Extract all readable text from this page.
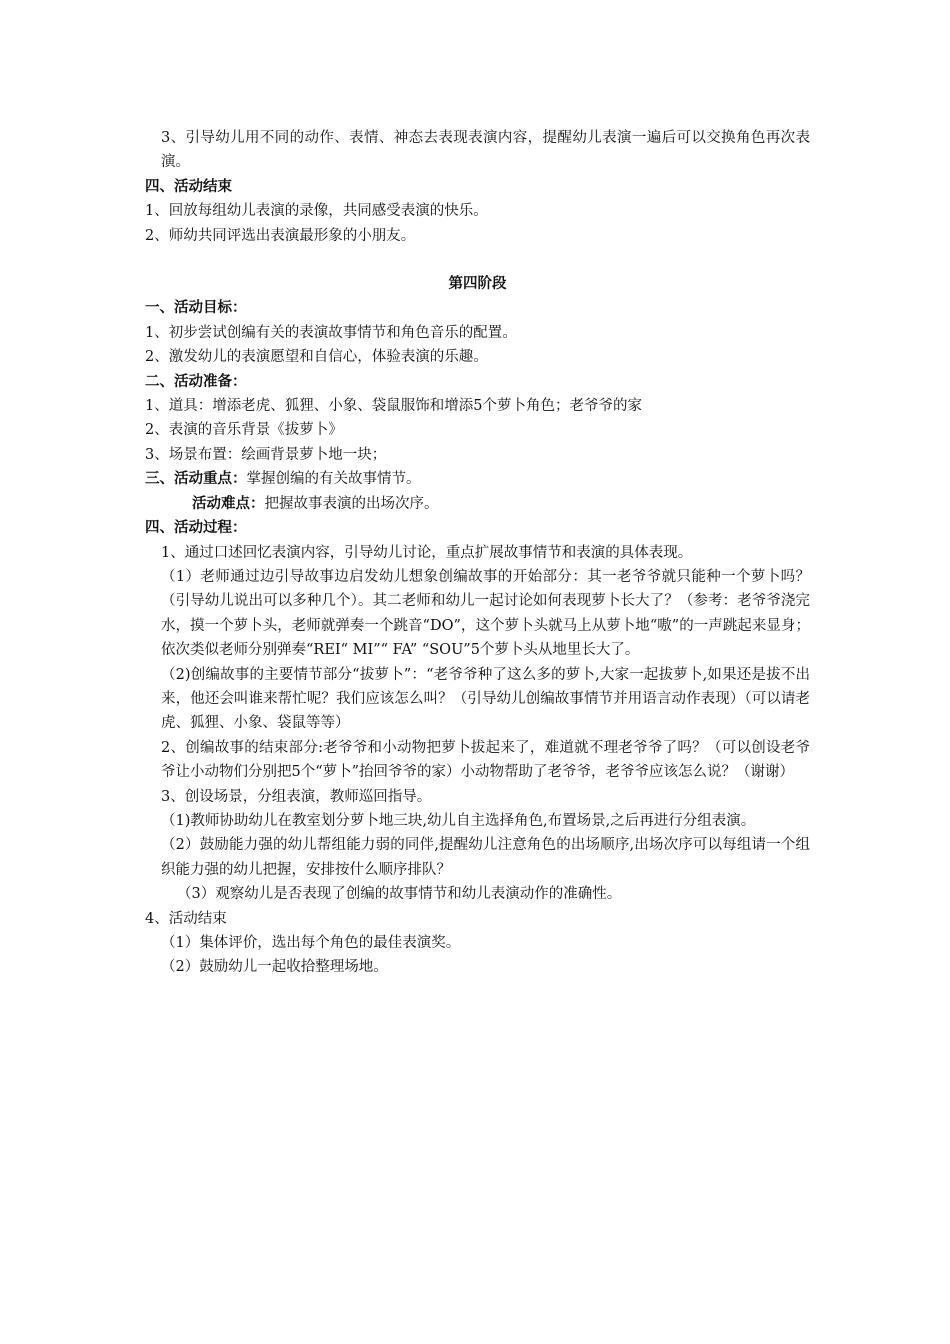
3、引导幼儿用不同的动作、表情、神态去表现表演内容，提醒幼儿表演一遍后可以交换角色再次表演。

四、活动结束

1、回放每组幼儿表演的录像，共同感受表演的快乐。

2、师幼共同评选出表演最形象的小朋友。

第四阶段

一、活动目标：

1、初步尝试创编有关的表演故事情节和角色音乐的配置。

2、激发幼儿的表演愿望和自信心，体验表演的乐趣。

二、活动准备：

1、道具：增添老虎、狐狸、小象、袋鼠服饰和增添5个萝卜角色；老爷爷的家

2、表演的音乐背景《拔萝卜》

3、场景布置：绘画背景萝卜地一块；

三、活动重点：掌握创编的有关故事情节。

活动难点：把握故事表演的出场次序。

四、活动过程：

1、通过口述回忆表演内容，引导幼儿讨论，重点扩展故事情节和表演的具体表现。

（1）老师通过边引导故事边启发幼儿想象创编故事的开始部分：其一老爷爷就只能种一个萝卜吗？（引导幼儿说出可以多种几个）。其二老师和幼儿一起讨论如何表现萝卜长大了？（参考：老爷爷浇完水，摸一个萝卜头，老师就弹奏一个跳音“DO”，这个萝卜头就马上从萝卜地“嗷”的一声跳起来显身；依次类似老师分别弹奏“REI“ MI”“ FA” “SOU”5个萝卜头从地里长大了。

（2)创编故事的主要情节部分“拔萝卜”：“老爷爷种了这么多的萝卜,大家一起拔萝卜,如果还是拔不出来，他还会叫谁来帮忙呢？我们应该怎么叫？（引导幼儿创编故事情节并用语言动作表现）（可以请老虎、狐狸、小象、袋鼠等等）

2、创编故事的结束部分:老爷爷和小动物把萝卜拔起来了，难道就不理老爷爷了吗？（可以创设老爷爷让小动物们分别把5个“萝卜”抬回爷爷的家）小动物帮助了老爷爷，老爷爷应该怎么说？（谢谢）

3、创设场景，分组表演，教师巡回指导。

（1)教师协助幼儿在教室划分萝卜地三块,幼儿自主选择角色,布置场景,之后再进行分组表演。

（2）鼓励能力强的幼儿帮组能力弱的同伴,提醒幼儿注意角色的出场顺序,出场次序可以每组请一个组织能力强的幼儿把握，安排按什么顺序排队？

（3）观察幼儿是否表现了创编的故事情节和幼儿表演动作的准确性。

4、活动结束

（1）集体评价，选出每个角色的最佳表演奖。

（2）鼓励幼儿一起收拾整理场地。
